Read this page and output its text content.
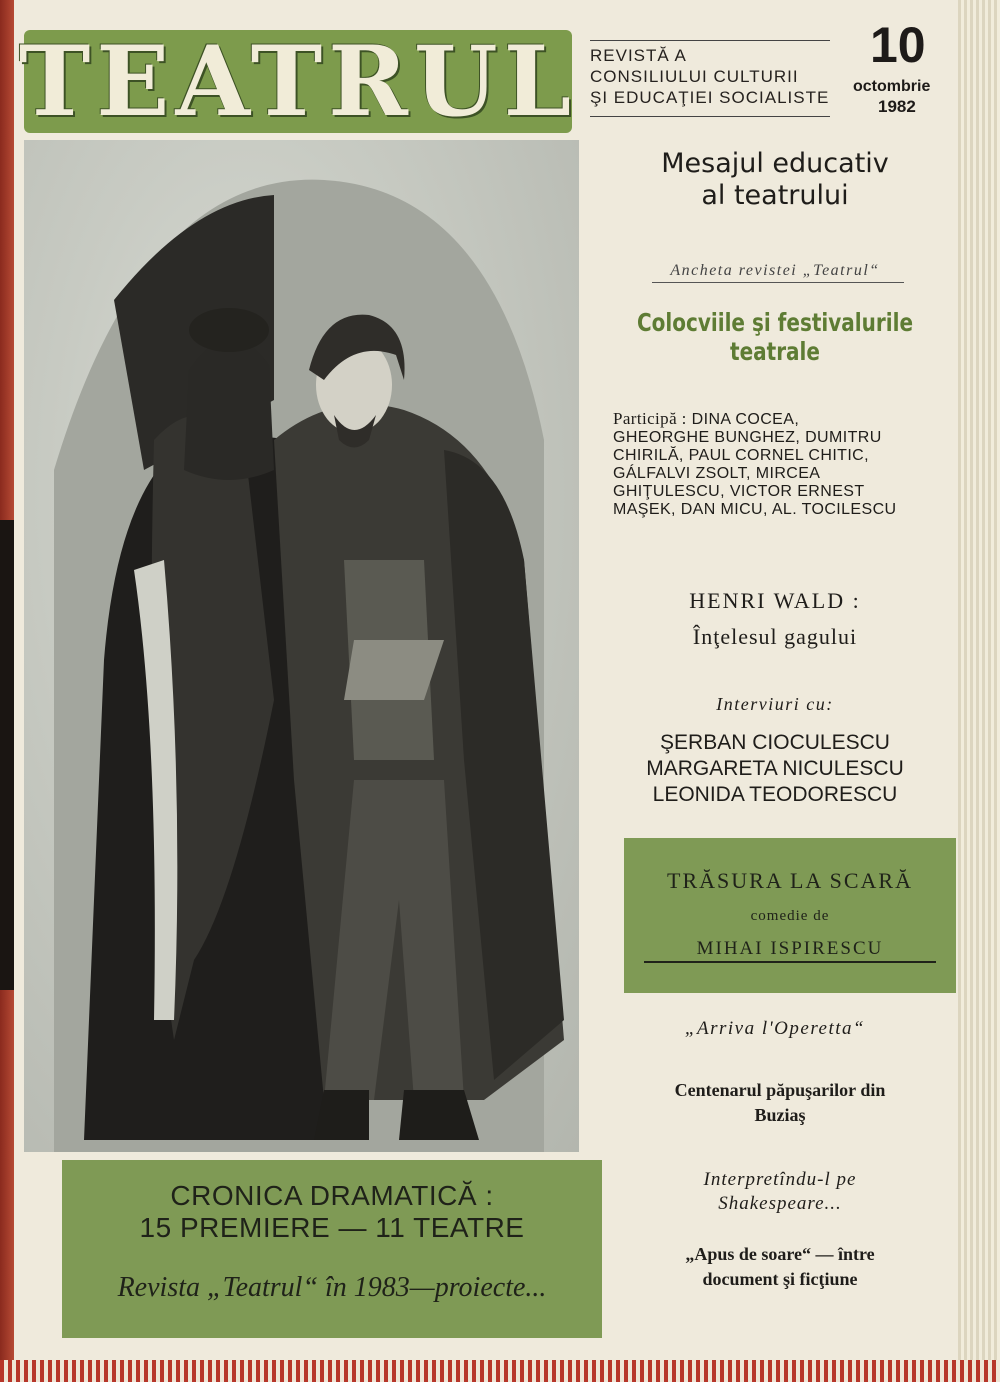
TEATRUL REVISTĂ A
CONSILIULUI CULTURII
ŞI EDUCAŢIEI SOCIALISTE
10
octombrie
1982
CRONICA DRAMATICĂ :
15 PREMIERE — 11 TEATRE
Revista „Teatrul“ în 1983—proiecte...
Mesajul educativ
al teatrului
Ancheta revistei „Teatrul“
Colocviile şi festivalurile
teatrale
Participă : DINA COCEA,
GHEORGHE BUNGHEZ, DUMITRU
CHIRILĂ, PAUL CORNEL CHITIC,
GÁLFALVI ZSOLT, MIRCEA
GHIŢULESCU, VICTOR ERNEST
MAŞEK, DAN MICU, AL. TOCILESCU
HENRI WALD :
Înţelesul gagului
Interviuri cu:
ŞERBAN CIOCULESCU
MARGARETA NICULESCU
LEONIDA TEODORESCU
TRĂSURA LA SCARĂ
comedie de
MIHAI ISPIRESCU
„Arriva l'Operetta“
Centenarul păpuşarilor din
Buziaş
Interpretîndu-l pe
Shakespeare...
„Apus de soare“ — între
document şi ficţiune
